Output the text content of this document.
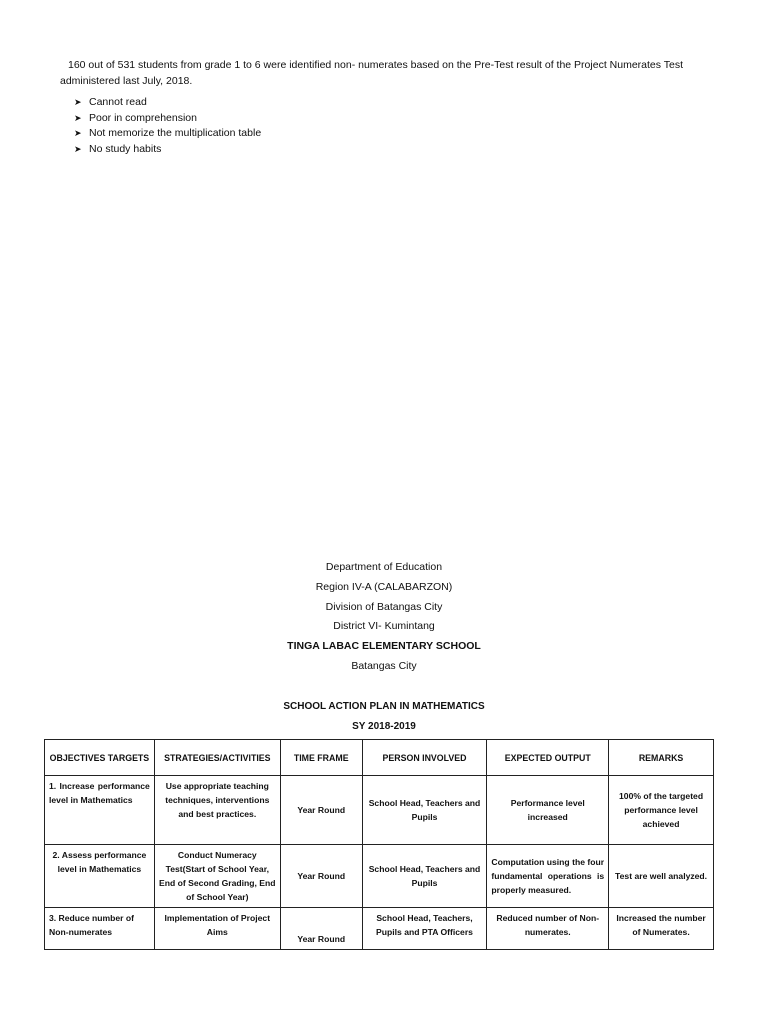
160 out of 531 students from grade 1 to 6 were identified non- numerates based on the Pre-Test result of the Project Numerates Test administered last July, 2018.

➤ Cannot read
➤ Poor in comprehension
➤ Not memorize the multiplication table
➤ No study habits
Department of Education
Region IV-A (CALABARZON)
Division of Batangas City
District VI- Kumintang
TINGA LABAC ELEMENTARY SCHOOL
Batangas City
SCHOOL ACTION PLAN IN MATHEMATICS
SY 2018-2019
OBJECTIVES TARGETS	STRATEGIES/ACTIVITIES	TIME FRAME	PERSON INVOLVED	EXPECTED OUTPUT	REMARKS
1. Increase performance level in Mathematics	Use appropriate teaching techniques, interventions and best practices.	Year Round	School Head, Teachers and Pupils	Performance level increased	100% of the targeted performance level achieved
2. Assess performance level in Mathematics	Conduct Numeracy Test(Start of School Year, End of Second Grading, End of School Year)	Year Round	School Head, Teachers and Pupils	Computation using the four fundamental operations is properly measured.	Test are well analyzed.
3. Reduce number of Non-numerates	Implementation of Project Aims	Year Round	School Head, Teachers, Pupils and PTA Officers	Reduced number of Non-numerates.	Increased the number of Numerates.
